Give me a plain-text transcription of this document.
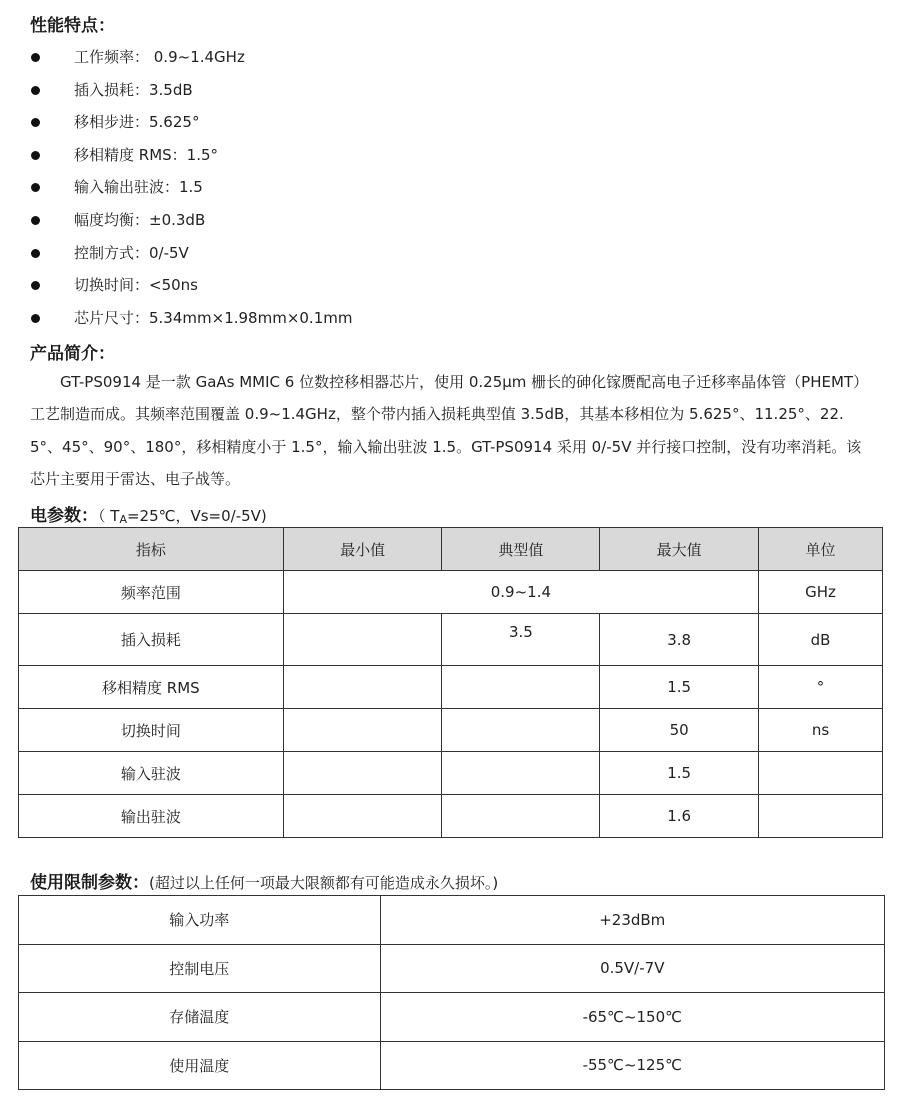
性能特点：
工作频率： 0.9~1.4GHz
插入损耗：3.5dB
移相步进：5.625°
移相精度 RMS：1.5°
输入输出驻波：1.5
幅度均衡：±0.3dB
控制方式：0/-5V
切换时间：<50ns
芯片尺寸：5.34mm×1.98mm×0.1mm
产品简介：
GT-PS0914 是一款 GaAs MMIC 6 位数控移相器芯片，使用 0.25μm 栅长的砷化镓赝配高电子迁移率晶体管（PHEMT）工艺制造而成。其频率范围覆盖 0.9~1.4GHz，整个带内插入损耗典型值 3.5dB，其基本移相位为 5.625°、11.25°、22.5°、45°、90°、180°，移相精度小于 1.5°，输入输出驻波 1.5。GT-PS0914 采用 0/-5V 并行接口控制，没有功率消耗。该芯片主要用于雷达、电子战等。
电参数：（ $T_A=25℃$，Vs=0/-5V)
指标	最小值	典型值	最大值	单位
频率范围	0.9~1.4			GHz
插入损耗		3.5	3.8	dB
移相精度 RMS			1.5	°
切换时间			50	ns
输入驻波			1.5	
输出驻波			1.6	
使用限制参数：(超过以上任何一项最大限额都有可能造成永久损坏。)
输入功率	+23dBm
控制电压	0.5V/-7V
存储温度	-65℃~150℃
使用温度	-55℃~125℃
